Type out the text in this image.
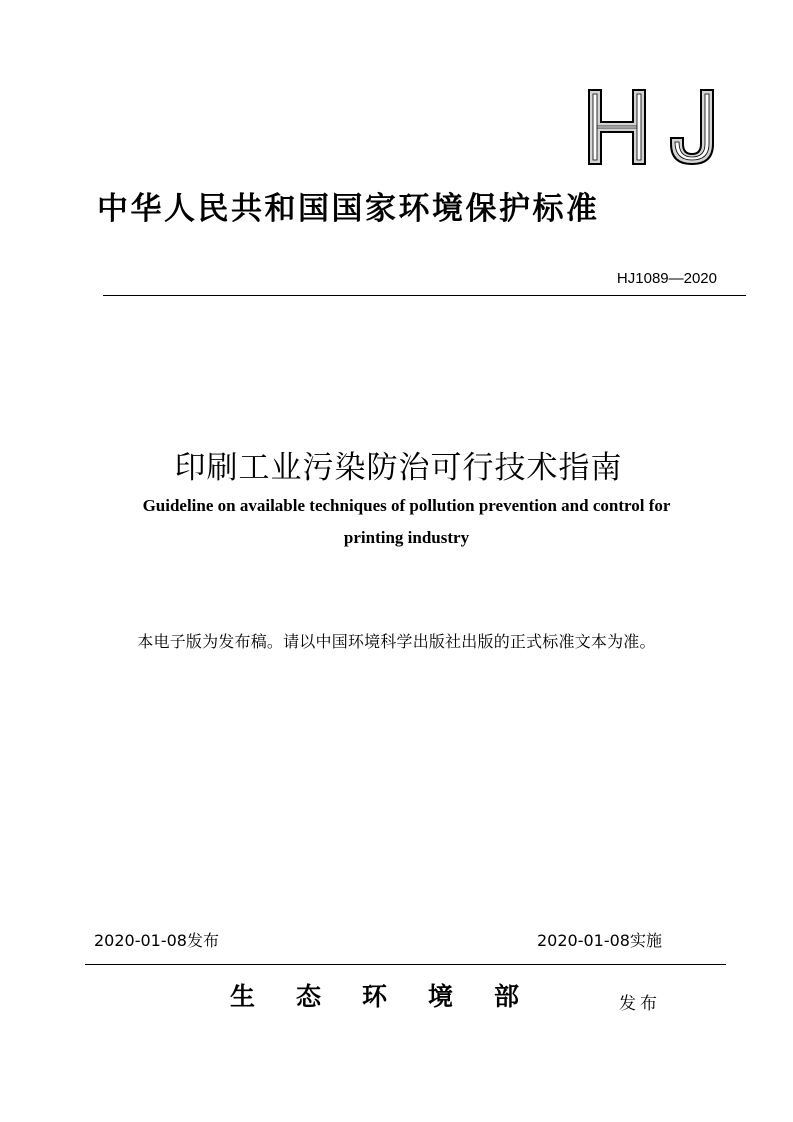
中华人民共和国国家环境保护标准
HJ1089—2020
印刷工业污染防治可行技术指南
Guideline on available techniques of pollution prevention and control for
printing industry
本电子版为发布稿。请以中国环境科学出版社出版的正式标准文本为准。
2020-01-08发布	2020-01-08实施
生态环境部	发布
